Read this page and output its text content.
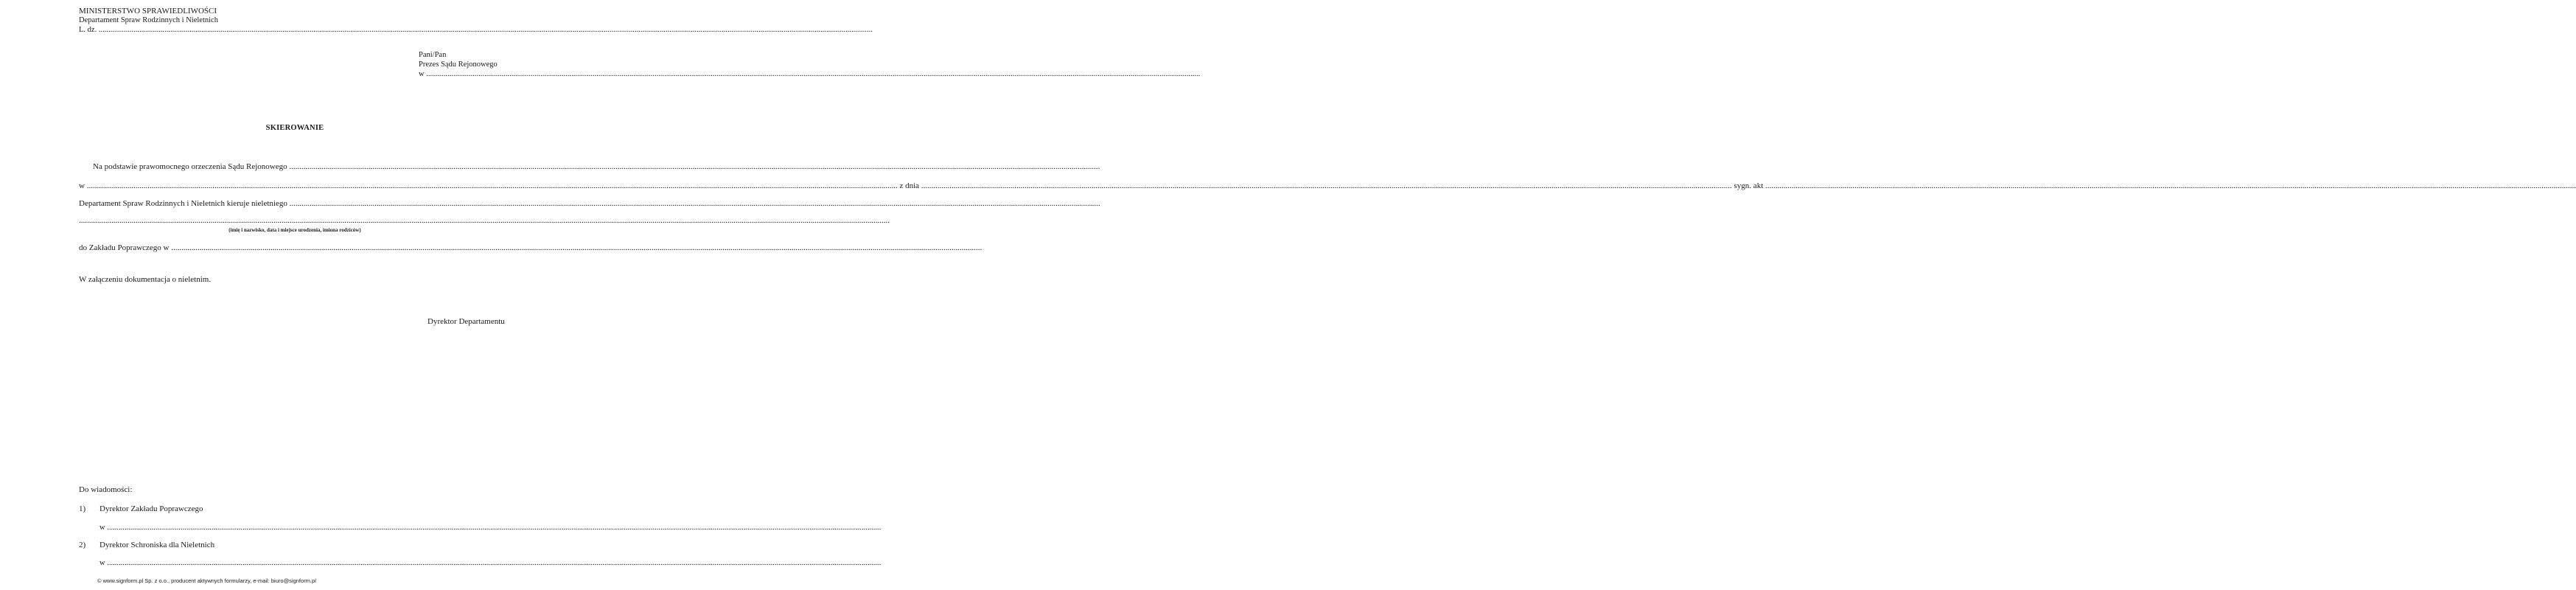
MINISTERSTWO SPRAWIEDLIWOŚCI
Departament Spraw Rodzinnych i Nieletnich
L. dz.
................................................................................................................................................................................................................................................................................................................................................................................................................
Pani/Pan
Prezes Sądu Rejonowego
w
................................................................................................................................................................................................................................................................................................................................................................................................................
SKIEROWANIE
Na podstawie prawomocnego orzeczenia Sądu Rejonowego
................................................................................................................................................................................................................................................................................................................................................................................................................
w
................................................................................................................................................................................................................................................................................................................................................................................................................
z dnia
................................................................................................................................................................................................................................................................................................................................................................................................................
sygn. akt
................................................................................................................................................................................................................................................................................................................................................................................................................
Departament Spraw Rodzinnych i Nieletnich kieruje nieletniego
................................................................................................................................................................................................................................................................................................................................................................................................................
................................................................................................................................................................................................................................................................................................................................................................................................................
(imię i nazwisko, data i miejsce urodzenia, imiona rodziców)
do Zakładu Poprawczego w
................................................................................................................................................................................................................................................................................................................................................................................................................
W załączeniu dokumentacja o nieletnim.
Dyrektor Departamentu
Do wiadomości:
1) Dyrektor Zakładu Poprawczego
w
................................................................................................................................................................................................................................................................................................................................................................................................................
2) Dyrektor Schroniska dla Nieletnich
w
................................................................................................................................................................................................................................................................................................................................................................................................................
© www.signform.pl Sp. z o.o., producent aktywnych formularzy, e-mail: biuro@signform.pl
